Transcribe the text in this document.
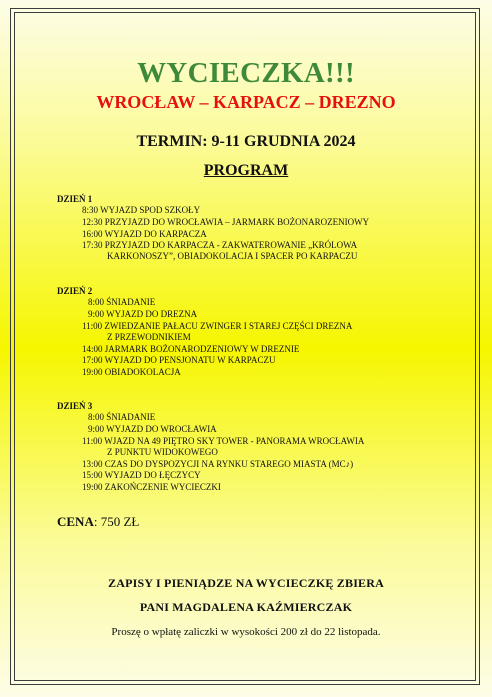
WYCIECZKA!!!
WROCŁAW – KARPACZ – DREZNO
TERMIN: 9-11 GRUDNIA 2024
PROGRAM
DZIEŃ 1
8:30 WYJAZD SPOD SZKOŁY
12:30 PRZYJAZD DO WROCŁAWIA – JARMARK BOŻONAROZENIOWY
16:00 WYJAZD DO KARPACZA
17:30 PRZYJAZD DO KARPACZA - ZAKWATEROWANIE „KRÓLOWA
KARKONOSZY”, OBIADOKOLACJA I SPACER PO KARPACZU
DZIEŃ 2
8:00 ŚNIADANIE
9:00 WYJAZD DO DREZNA
11:00 ZWIEDZANIE PAŁACU ZWINGER I STAREJ CZĘŚCI DREZNA
Z PRZEWODNIKIEM
14:00 JARMARK BOŻONARODZENIOWY W DREZNIE
17:00 WYJAZD DO PENSJONATU W KARPACZU
19:00 OBIADOKOLACJA
DZIEŃ 3
8:00 ŚNIADANIE
9:00 WYJAZD DO WROCŁAWIA
11:00 WJAZD NA 49 PIĘTRO SKY TOWER - PANORAMA WROCŁAWIA
Z PUNKTU WIDOKOWEGO
13:00 CZAS DO DYSPOZYCJI NA RYNKU STAREGO MIASTA (MC♪)
15:00 WYJAZD DO ŁĘCZYCY
19:00 ZAKOŃCZENIE WYCIECZKI
CENA: 750 ZŁ
ZAPISY I PIENIĄDZE NA WYCIECZKĘ ZBIERA
PANI MAGDALENA KAŹMIERCZAK
Proszę o wpłatę zaliczki w wysokości 200 zł do 22 listopada.
